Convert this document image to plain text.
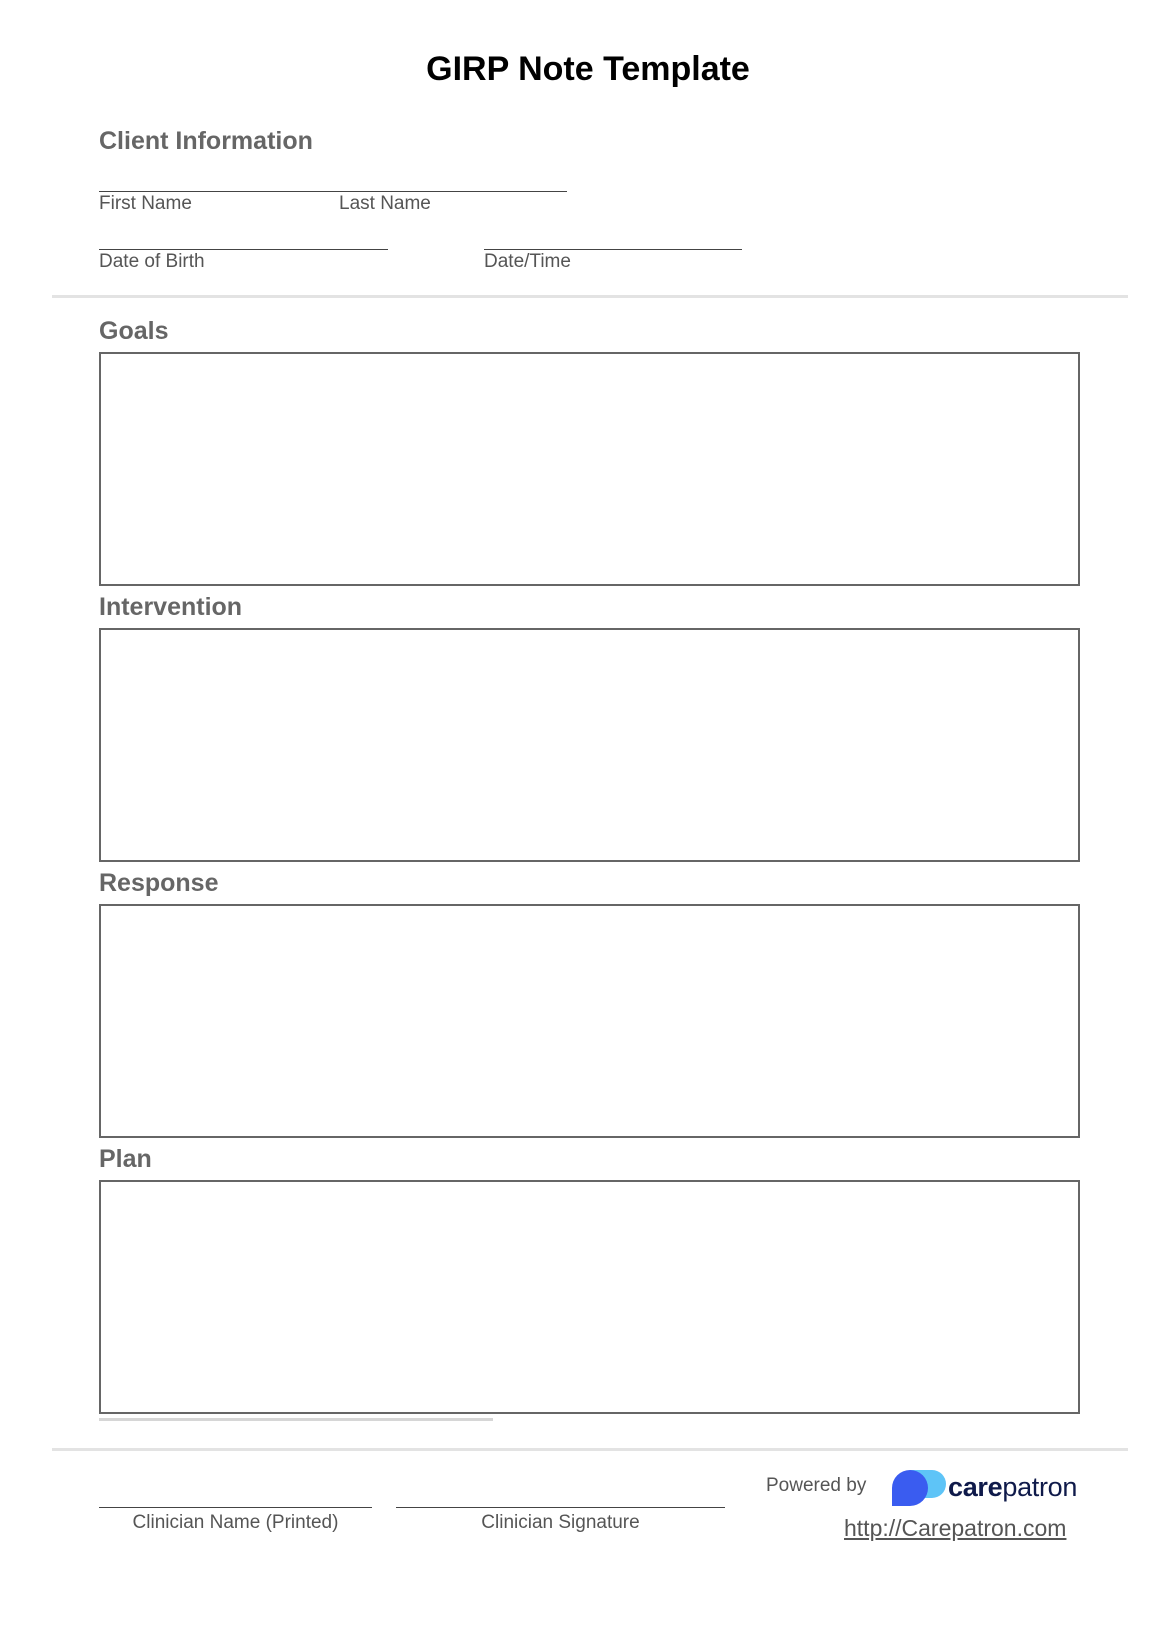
GIRP Note Template
Client Information
First Name	Last Name
Date of Birth	Date/Time
Goals
Intervention
Response
Plan
Clinician Name (Printed)	Clinician Signature
Powered by	carepatron
http://Carepatron.com
